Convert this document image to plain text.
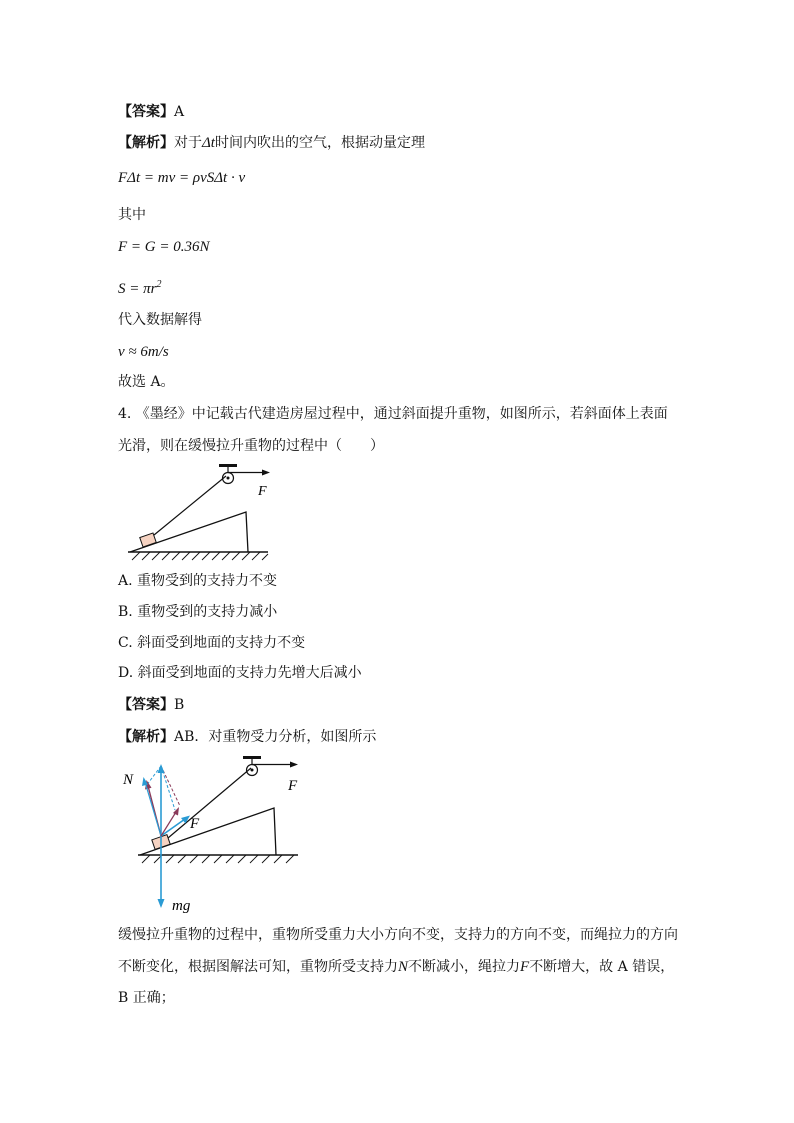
【答案】A
【解析】对于Δt时间内吹出的空气，根据动量定理
FΔt = mv = ρvSΔt · v
其中
F = G = 0.36N
$S = \pi r^2$
代入数据解得
v ≈ 6m/s
故选 A。
4. 《墨经》中记载古代建造房屋过程中，通过斜面提升重物，如图所示，若斜面体上表面
光滑，则在缓慢拉升重物的过程中（　　）
F
A. 重物受到的支持力不变
B. 重物受到的支持力减小
C. 斜面受到地面的支持力不变
D. 斜面受到地面的支持力先增大后减小
【答案】B
【解析】AB．对重物受力分析，如图所示
F
N
F
mg
缓慢拉升重物的过程中，重物所受重力大小方向不变，支持力的方向不变，而绳拉力的方向
不断变化，根据图解法可知，重物所受支持力N不断减小，绳拉力F不断增大，故 A 错误，
B 正确；
